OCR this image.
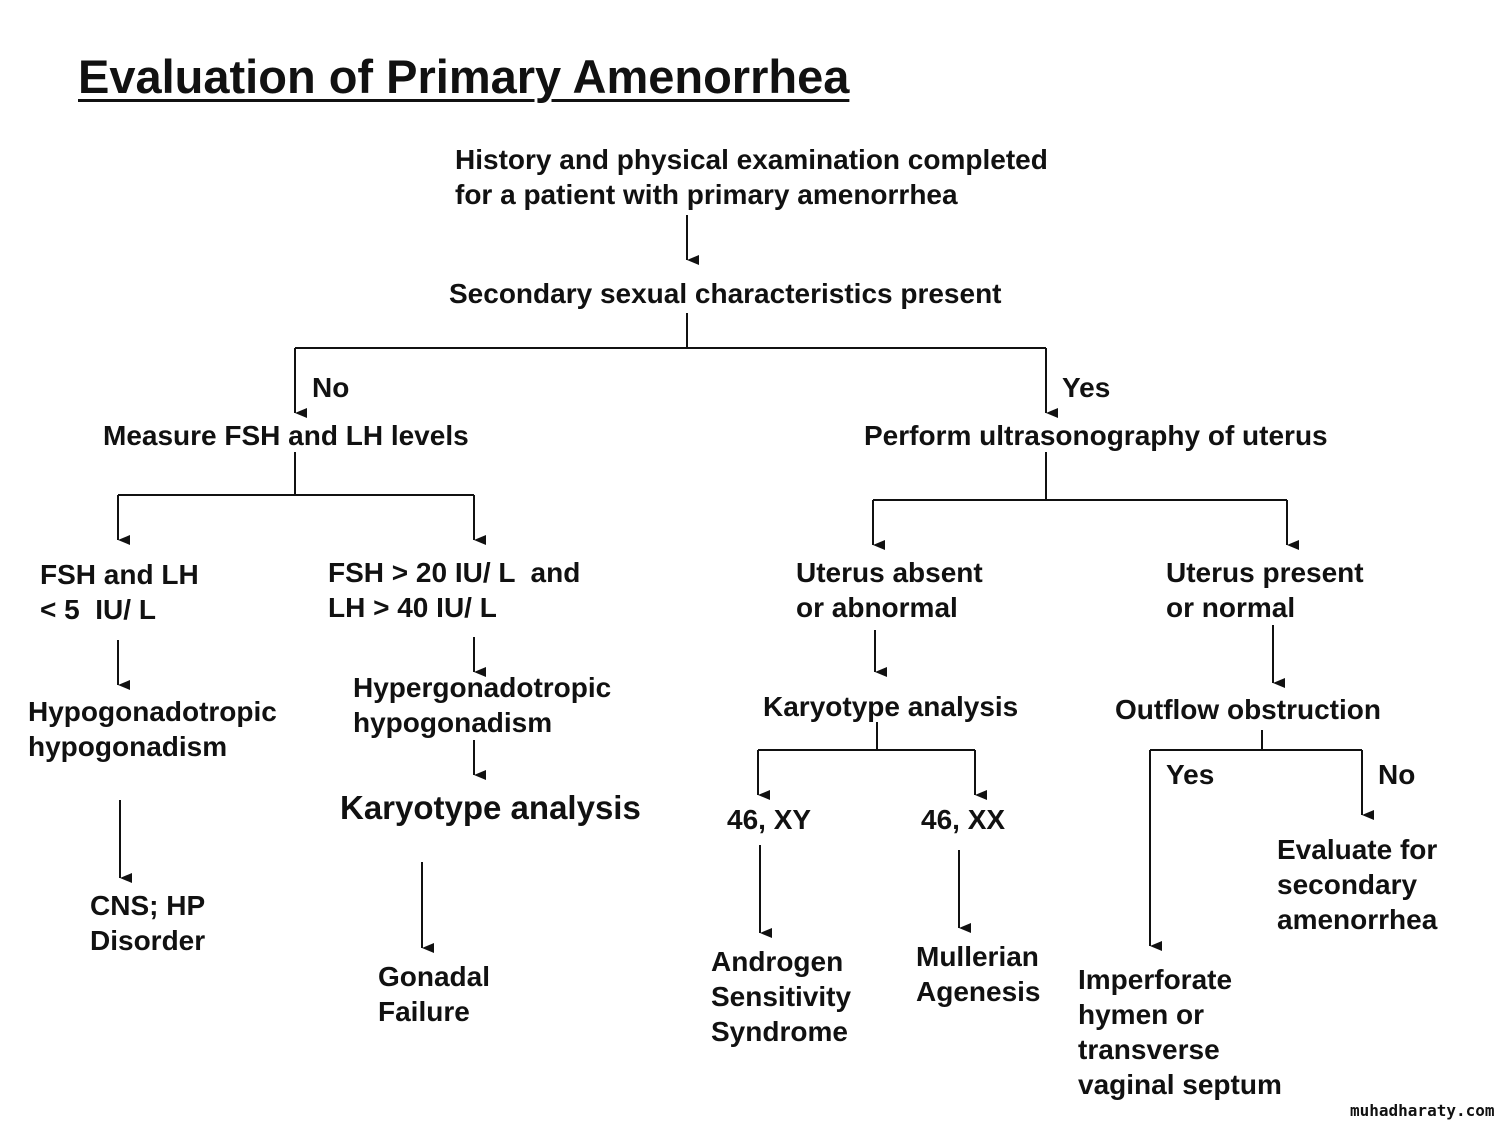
Evaluation of Primary Amenorrhea
History and physical examination completed
for a patient with primary amenorrhea
Secondary sexual characteristics present
No	Yes
Measure FSH and LH levels	Perform ultrasonography of uterus
FSH and LH
< 5  IU/ L
FSH > 20 IU/ L  and
LH > 40 IU/ L
Uterus absent
or abnormal
Uterus present
or normal
Hypogonadotropic
hypogonadism
Hypergonadotropic
hypogonadism
Karyotype analysis	Outflow obstruction
Yes	No
Karyotype analysis	46, XY	46, XX
Evaluate for
secondary
amenorrhea
CNS; HP
Disorder
Androgen
Sensitivity
Syndrome
Mullerian
Agenesis
Gonadal
Failure
Imperforate
hymen or
transverse
vaginal septum
muhadharaty.com
